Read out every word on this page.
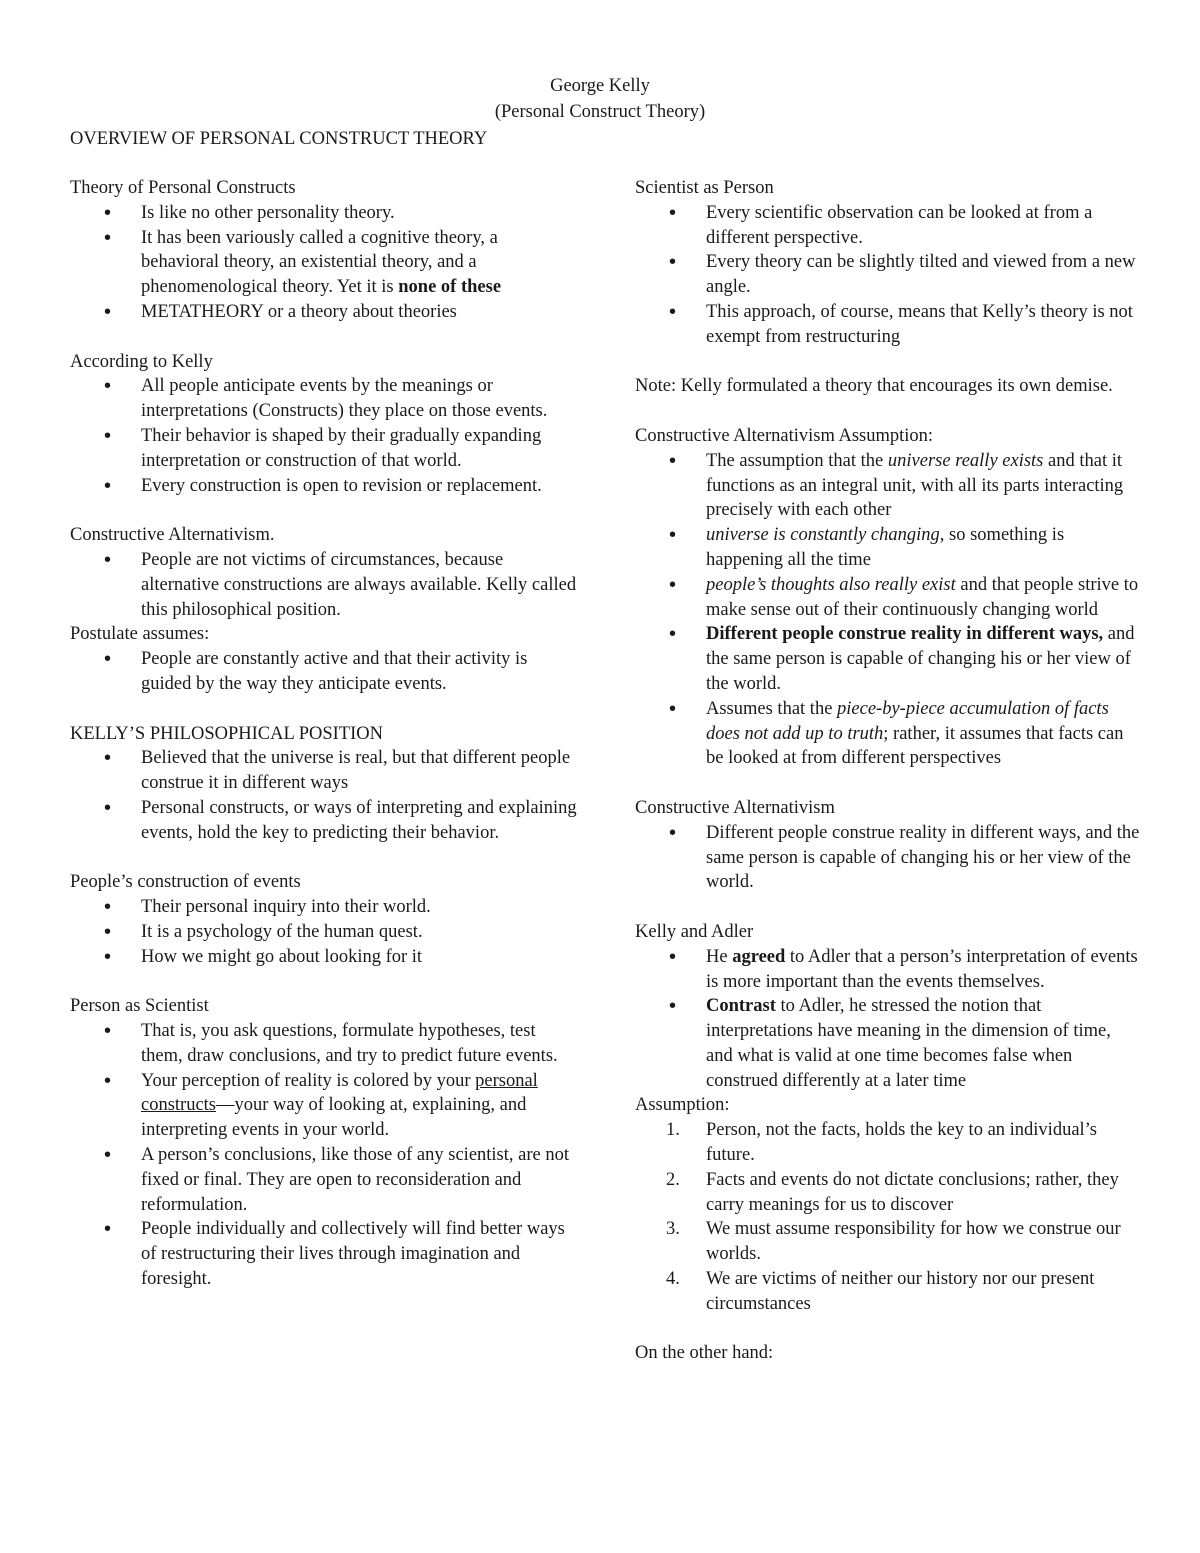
George Kelly
(Personal Construct Theory)
OVERVIEW OF PERSONAL CONSTRUCT THEORY

Theory of Personal Constructs

• Is like no other personality theory.
• It has been variously called a cognitive theory, a behavioral theory, an existential theory, and a phenomenological theory. Yet it is none of these
• METATHEORY or a theory about theories

According to Kelly

• All people anticipate events by the meanings or interpretations (Constructs) they place on those events.
• Their behavior is shaped by their gradually expanding interpretation or construction of that world.
• Every construction is open to revision or replacement.

Constructive Alternativism.

• People are not victims of circumstances, because alternative constructions are always available. Kelly called this philosophical position.

Postulate assumes:

• People are constantly active and that their activity is guided by the way they anticipate events.

KELLY’S PHILOSOPHICAL POSITION

• Believed that the universe is real, but that different people construe it in different ways
• Personal constructs, or ways of interpreting and explaining events, hold the key to predicting their behavior.

People’s construction of events

• Their personal inquiry into their world.
• It is a psychology of the human quest.
• How we might go about looking for it

Person as Scientist

• That is, you ask questions, formulate hypotheses, test them, draw conclusions, and try to predict future events.
• Your perception of reality is colored by your personal constructs—your way of looking at, explaining, and interpreting events in your world.
• A person’s conclusions, like those of any scientist, are not fixed or final. They are open to reconsideration and reformulation.
• People individually and collectively will find better ways of restructuring their lives through imagination and foresight.

Scientist as Person

• Every scientific observation can be looked at from a different perspective.
• Every theory can be slightly tilted and viewed from a new angle.
• This approach, of course, means that Kelly’s theory is not exempt from restructuring

Note: Kelly formulated a theory that encourages its own demise.

Constructive Alternativism Assumption:

• The assumption that the universe really exists and that it functions as an integral unit, with all its parts interacting precisely with each other
• universe is constantly changing, so something is happening all the time
• people’s thoughts also really exist and that people strive to make sense out of their continuously changing world
• Different people construe reality in different ways, and the same person is capable of changing his or her view of the world.
• Assumes that the piece-by-piece accumulation of facts does not add up to truth; rather, it assumes that facts can be looked at from different perspectives

Constructive Alternativism

• Different people construe reality in different ways, and the same person is capable of changing his or her view of the world.

Kelly and Adler

• He agreed to Adler that a person’s interpretation of events is more important than the events themselves.
• Contrast to Adler, he stressed the notion that interpretations have meaning in the dimension of time, and what is valid at one time becomes false when construed differently at a later time

Assumption:

1. Person, not the facts, holds the key to an individual’s future.
2. Facts and events do not dictate conclusions; rather, they carry meanings for us to discover
3. We must assume responsibility for how we construe our worlds.
4. We are victims of neither our history nor our present circumstances

On the other hand:
